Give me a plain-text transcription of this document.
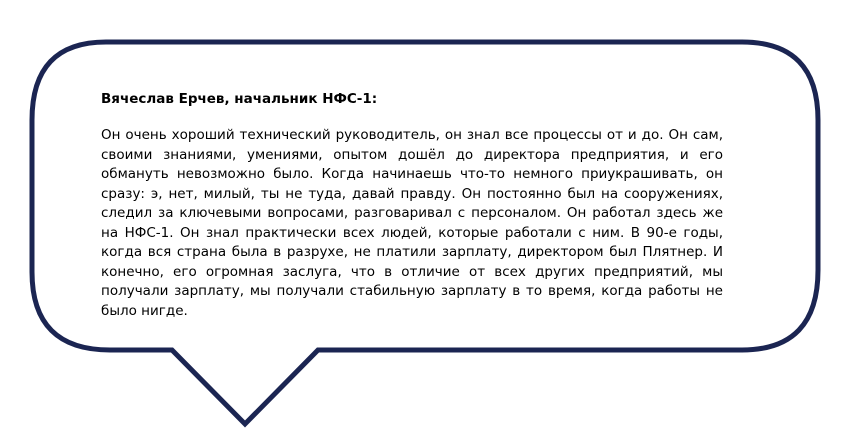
Вячеслав Ерчев, начальник НФС-1:

Он очень хороший технический руководитель, он знал все процессы от и до. Он сам, своими знаниями, умениями, опытом дошёл до директора предприятия, и его обмануть невозможно было. Когда начинаешь что-то немного приукрашивать, он сразу: э, нет, милый, ты не туда, давай правду. Он постоянно был на сооружениях, следил за ключевыми вопросами, разговаривал с персоналом. Он работал здесь же на НФС-1. Он знал практически всех людей, которые работали с ним. В 90-е годы, когда вся страна была в разрухе, не платили зарплату, директором был Плятнер. И конечно, его огромная заслуга, что в отличие от всех других предприятий, мы получали зарплату, мы получали стабильную зарплату в то время, когда работы не было нигде.
